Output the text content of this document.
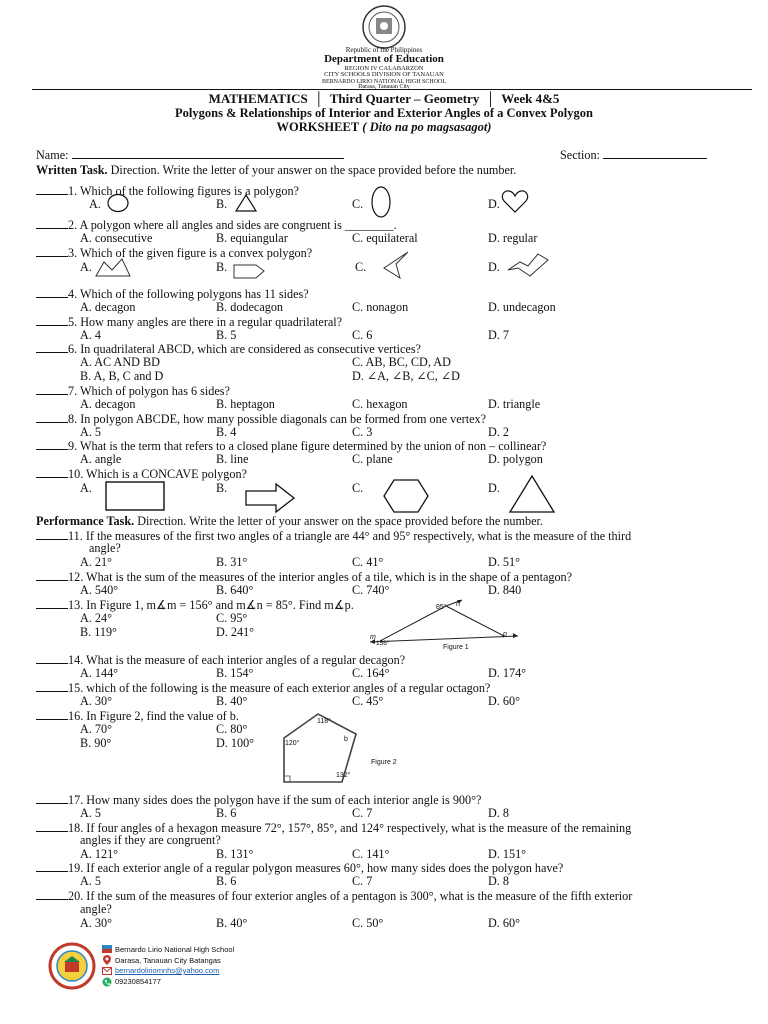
Republic of the Philippines
Department of Education
REGION IV CALABARZON
CITY SCHOOLS DIVISION OF TANAUAN
BERNARDO LIRIO NATIONAL HIGH SCHOOL
Darasa, Tanauan City
MATHEMATICS  │  Third Quarter – Geometry  │  Week 4&5
Polygons & Relationships of Interior and Exterior Angles of a Convex Polygon
WORKSHEET ( Dito na po magsasagot)
Name:	Section:
Written Task. Direction. Write the letter of your answer on the space provided before the number.
1. Which of the following figures is a polygon?
A.	B.	C.	D.
2. A polygon where all angles and sides are congruent is ________.
A. consecutive	B. equiangular	C. equilateral	D. regular
3. Which of the given figure is a convex polygon?
A.	B.	C.	D.
4. Which of the following polygons has 11 sides?
A. decagon	B. dodecagon	C. nonagon	D. undecagon
5. How many angles are there in a regular quadrilateral?
A. 4	B. 5	C. 6	D. 7
6. In quadrilateral ABCD, which are considered as consecutive vertices?
A. AC AND BD	C. AB, BC, CD, AD
B. A, B, C and D	D. ∠A, ∠B, ∠C, ∠D
7. Which of polygon has 6 sides?
A. decagon	B. heptagon	C. hexagon	D. triangle
8. In polygon ABCDE, how many possible diagonals can be formed from one vertex?
A. 5	B. 4	C. 3	D. 2
9. What is the term that refers to a closed plane figure determined by the union of non – collinear?
A. angle	B. line	C. plane	D. polygon
10. Which is a CONCAVE polygon?
A.	B.	C.	D.
Performance Task. Direction. Write the letter of your answer on the space provided before the number.
11. If the measures of the first two angles of a triangle are 44° and 95° respectively, what is the measure of the third
angle?
A. 21°	B. 31°	C. 41°	D. 51°
12. What is the sum of the measures of the interior angles of a tile, which is in the shape of a pentagon?
A. 540°	B. 640°	C. 740°	D. 840
13. In Figure 1, m∡m = 156° and m∡n = 85°. Find m∡p.
A. 24°	C. 95°
B. 119°	D. 241°
85° n
156°
m	p
Figure 1
14. What is the measure of each interior angles of a regular decagon?
A. 144°	B. 154°	C. 164°	D. 174°
15. which of the following is the measure of each exterior angles of a regular octagon?
A. 30°	B. 40°	C. 45°	D. 60°
16. In Figure 2, find the value of b.
A. 70°	C. 80°
B. 90°	D. 100°
118°
120°
b
132°
Figure 2
17. How many sides does the polygon have if the sum of each interior angle is 900°?
A. 5	B. 6	C. 7	D. 8
18. If four angles of a hexagon measure 72°, 157°, 85°, and 124° respectively, what is the measure of the remaining
angles if they are congruent?
A. 121°	B. 131°	C. 141°	D. 151°
19. If each exterior angle of a regular polygon measures 60°, how many sides does the polygon have?
A. 5	B. 6	C. 7	D. 8
20. If the sum of the measures of four exterior angles of a pentagon is 300°, what is the measure of the fifth exterior
angle?
A. 30°	B. 40°	C. 50°	D. 60°
Bernardo Lirio National High School
Darasa, Tanauan City Batangas
bernardoliriomnhs@yahoo.com
09230854177
